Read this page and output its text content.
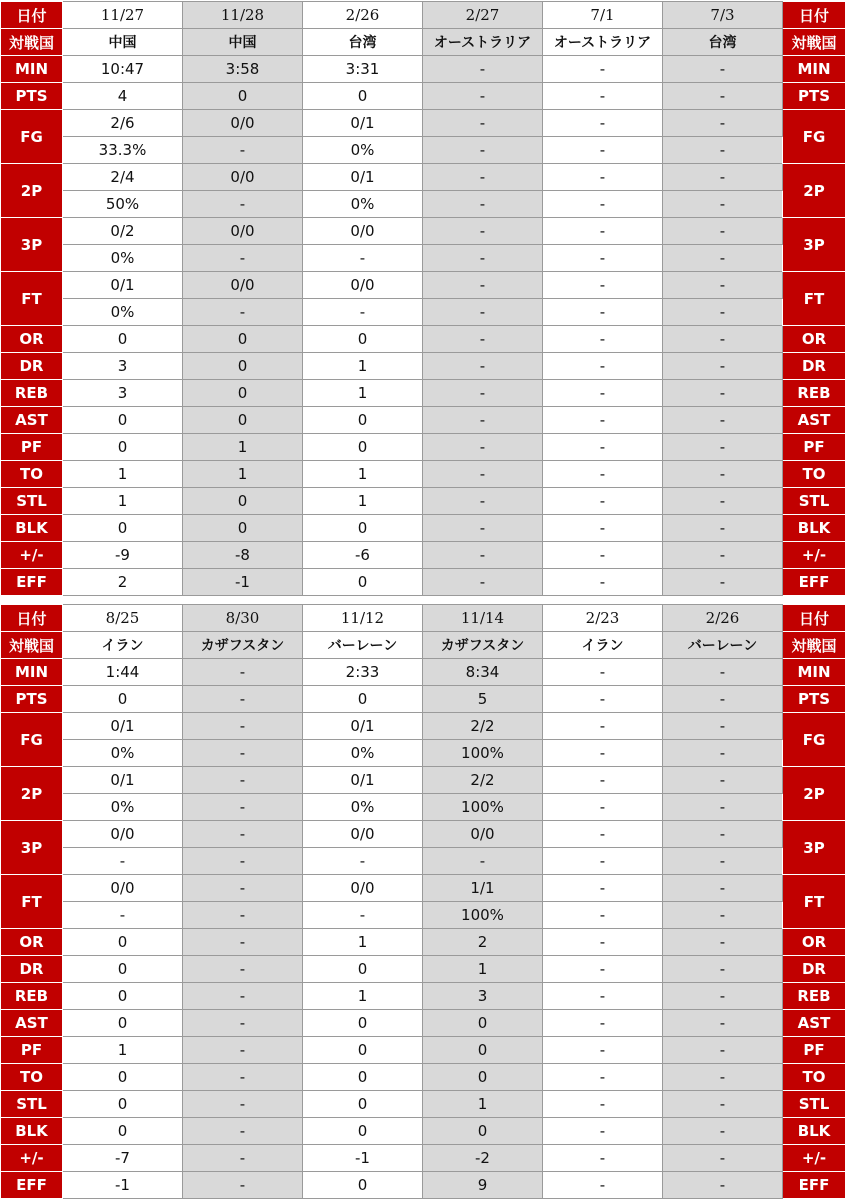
日付	11/27	11/28	2/26	2/27	7/1	7/3	日付
対戦国	中国	中国	台湾	オーストラリア	オーストラリア	台湾	対戦国
MIN	10:47	3:58	3:31	-	-	-	MIN
PTS	4	0	0	-	-	-	PTS
FG	2/6	0/0	0/1	-	-	-	FG
	33.3%	-	0%	-	-	-	
2P	2/4	0/0	0/1	-	-	-	2P
	50%	-	0%	-	-	-	
3P	0/2	0/0	0/0	-	-	-	3P
	0%	-	-	-	-	-	
FT	0/1	0/0	0/0	-	-	-	FT
	0%	-	-	-	-	-	
OR	0	0	0	-	-	-	OR
DR	3	0	1	-	-	-	DR
REB	3	0	1	-	-	-	REB
AST	0	0	0	-	-	-	AST
PF	0	1	0	-	-	-	PF
TO	1	1	1	-	-	-	TO
STL	1	0	1	-	-	-	STL
BLK	0	0	0	-	-	-	BLK
+/-	-9	-8	-6	-	-	-	+/-
EFF	2	-1	0	-	-	-	EFF
日付	8/25	8/30	11/12	11/14	2/23	2/26	日付
対戦国	イラン	カザフスタン	バーレーン	カザフスタン	イラン	バーレーン	対戦国
MIN	1:44	-	2:33	8:34	-	-	MIN
PTS	0	-	0	5	-	-	PTS
FG	0/1	-	0/1	2/2	-	-	FG
	0%	-	0%	100%	-	-	
2P	0/1	-	0/1	2/2	-	-	2P
	0%	-	0%	100%	-	-	
3P	0/0	-	0/0	0/0	-	-	3P
	-	-	-	-	-	-	
FT	0/0	-	0/0	1/1	-	-	FT
	-	-	-	100%	-	-	
OR	0	-	1	2	-	-	OR
DR	0	-	0	1	-	-	DR
REB	0	-	1	3	-	-	REB
AST	0	-	0	0	-	-	AST
PF	1	-	0	0	-	-	PF
TO	0	-	0	0	-	-	TO
STL	0	-	0	1	-	-	STL
BLK	0	-	0	0	-	-	BLK
+/-	-7	-	-1	-2	-	-	+/-
EFF	-1	-	0	9	-	-	EFF
